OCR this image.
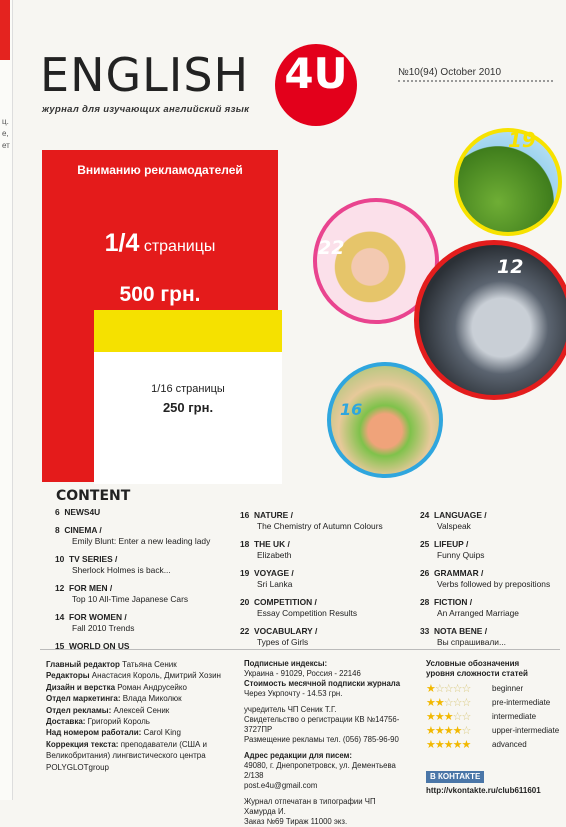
ц.
е,
ет
ENGLISH 4U
журнал для изучающих английский язык
№10(94) October 2010
Вниманию рекламодателей
1/4 страницы
500 грн.
1/16 страницы
250 грн.
19
22
12
16
CONTENT
6 NEWS4U
8 CINEMA /
Emily Blunt: Enter a new leading lady
10 TV SERIES /
Sherlock Holmes is back...
12 FOR MEN /
Top 10 All-Time Japanese Cars
14 FOR WOMEN /
Fall 2010 Trends
15 WORLD ON US
16 NATURE /
The Chemistry of Autumn Colours
18 THE UK /
Elizabeth
19 VOYAGE /
Sri Lanka
20 COMPETITION /
Essay Competition Results
22 VOCABULARY /
Types of Girls
24 LANGUAGE /
Valspeak
25 LIFEUP /
Funny Quips
26 GRAMMAR /
Verbs followed by prepositions
28 FICTION /
An Arranged Marriage
33 NOTA BENE /
Вы спрашивали...
Главный редактор Татьяна Сеник
Редакторы Анастасия Король, Дмитрий Хозин
Дизайн и верстка Роман Андрусейко
Отдел маркетинга: Влада Миколюк
Отдел рекламы: Алексей Сеник
Доставка: Григорий Король
Над номером работали: Carol King
Коррекция текста: преподаватели (США и Великобритания) лингвистического центра POLYGLOTgroup
Подписные индексы:
Украина - 91029, Россия - 22146
Стоимость месячной подписки журнала
Через Укрпочту - 14.53 грн.
учредитель ЧП Сеник Т.Г.
Свидетельство о регистрации КВ №14756-3727ПР
Размещение рекламы тел. (056) 785-96-90
Адрес редакции для писем:
49080, г. Днепропетровск, ул. Дементьева 2/138
post.e4u@gmail.com
Журнал отпечатан в типографии ЧП Хамурда И.
Заказ №69 Тираж 11000 экз.
Условные обозначения
уровня сложности статей
★☆☆☆☆	beginner
★★☆☆☆	pre-intermediate
★★★☆☆	intermediate
★★★★☆	upper-intermediate
★★★★★	advanced
В КОНТАКТЕ
http://vkontakte.ru/club611601
